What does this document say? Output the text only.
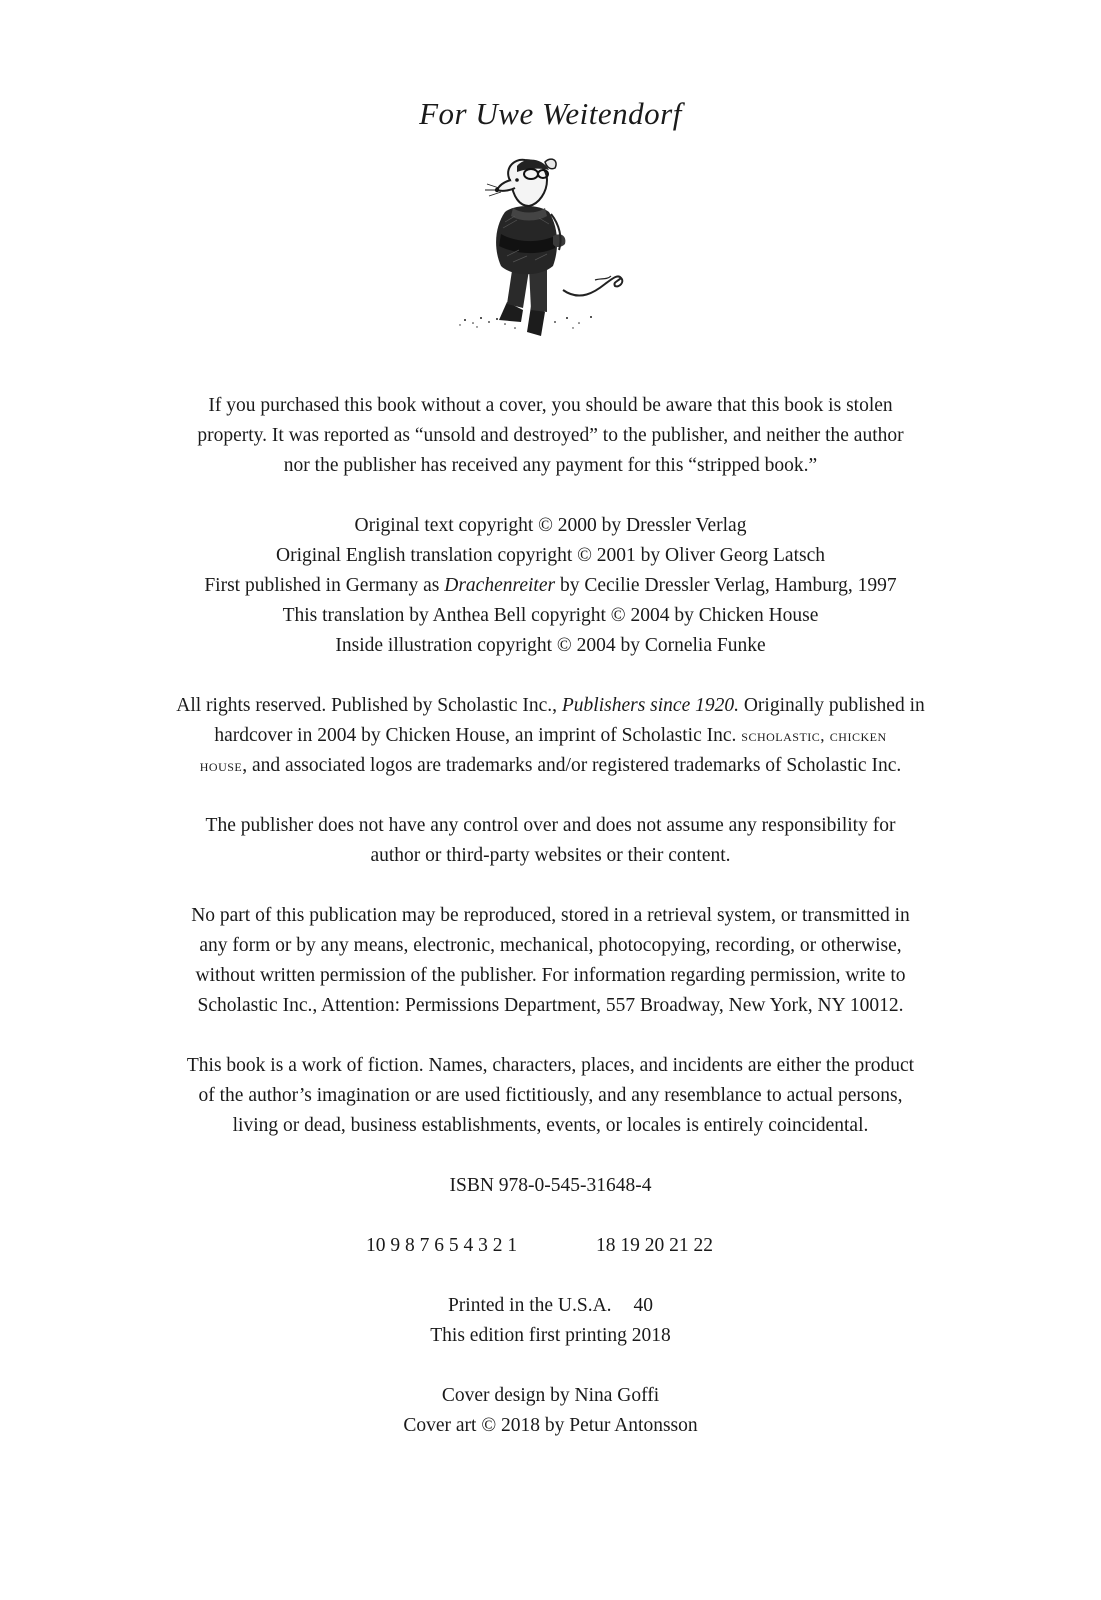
For Uwe Weitendorf
If you purchased this book without a cover, you should be aware that this book is stolen
property. It was reported as “unsold and destroyed” to the publisher, and neither the author
nor the publisher has received any payment for this “stripped book.”
Original text copyright © 2000 by Dressler Verlag
Original English translation copyright © 2001 by Oliver Georg Latsch
First published in Germany as Drachenreiter by Cecilie Dressler Verlag, Hamburg, 1997
This translation by Anthea Bell copyright © 2004 by Chicken House
Inside illustration copyright © 2004 by Cornelia Funke
All rights reserved. Published by Scholastic Inc., Publishers since 1920. Originally published in
hardcover in 2004 by Chicken House, an imprint of Scholastic Inc. scholastic, chicken
house, and associated logos are trademarks and/or registered trademarks of Scholastic Inc.
The publisher does not have any control over and does not assume any responsibility for
author or third-party websites or their content.
No part of this publication may be reproduced, stored in a retrieval system, or transmitted in
any form or by any means, electronic, mechanical, photocopying, recording, or otherwise,
without written permission of the publisher. For information regarding permission, write to
Scholastic Inc., Attention: Permissions Department, 557 Broadway, New York, NY 10012.
This book is a work of fiction. Names, characters, places, and incidents are either the product
of the author’s imagination or are used fictitiously, and any resemblance to actual persons,
living or dead, business establishments, events, or locales is entirely coincidental.
ISBN 978-0-545-31648-4
10 9 8 7 6 5 4 3 2 1	18 19 20 21 22
Printed in the U.S.A. 40
This edition first printing 2018
Cover design by Nina Goffi
Cover art © 2018 by Petur Antonsson
